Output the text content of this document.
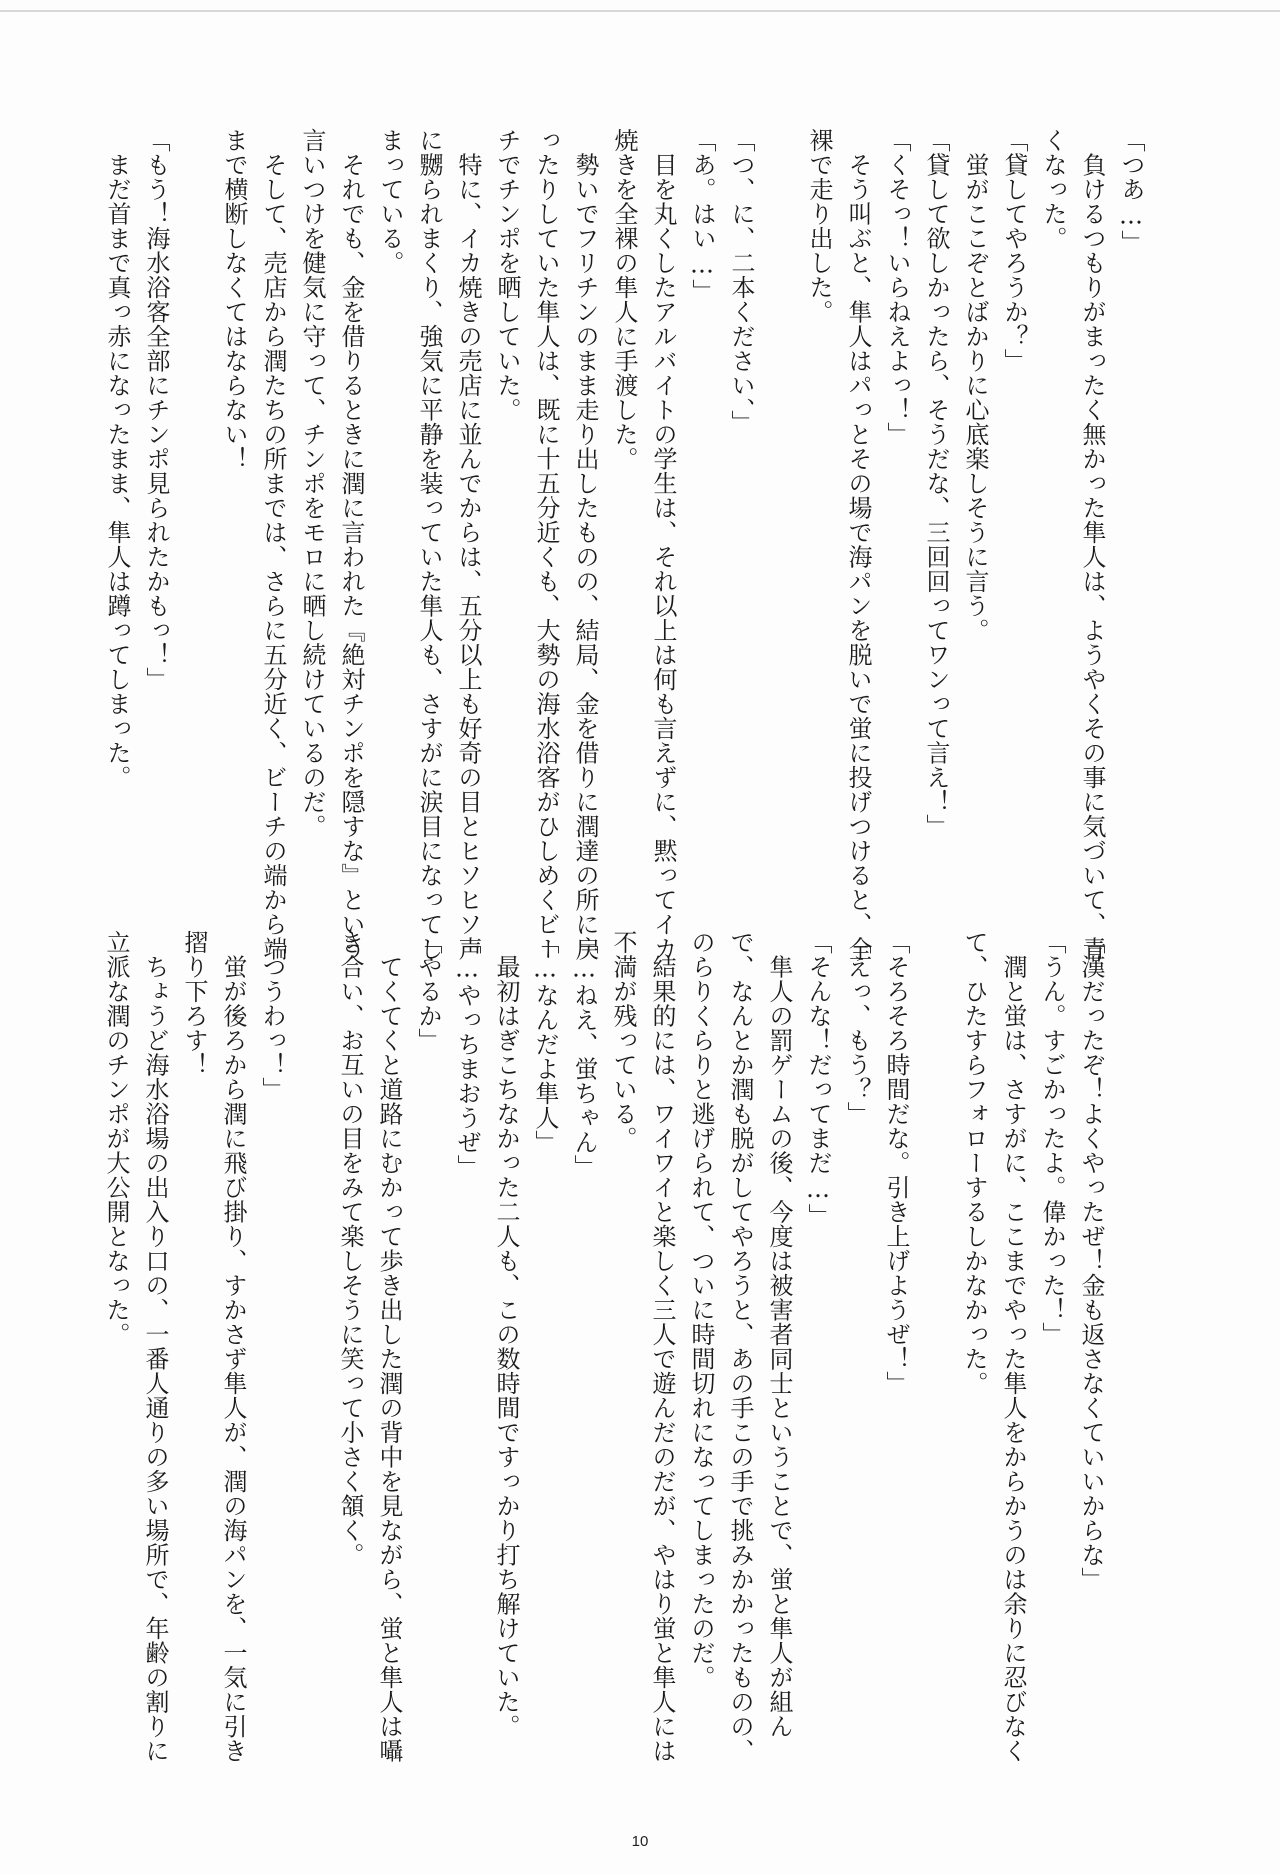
「つあ…」
　負けるつもりがまったく無かった隼人は、ようやくその事に気づいて、青
くなった。
「貸してやろうか？」
　蛍がここぞとばかりに心底楽しそうに言う。
「貸して欲しかったら、そうだな、三回回ってワンって言え！」
「くそっ！いらねえよっ！」
　そう叫ぶと、隼人はパっとその場で海パンを脱いで蛍に投げつけると、全
裸で走り出した。

「つ、に、二本ください、」
「あ。はい…」
　目を丸くしたアルバイトの学生は、それ以上は何も言えずに、黙ってイカ
焼きを全裸の隼人に手渡した。
　勢いでフリチンのまま走り出したものの、結局、金を借りに潤達の所に戻
ったりしていた隼人は、既に十五分近くも、大勢の海水浴客がひしめくビー
チでチンポを晒していた。
　特に、イカ焼きの売店に並んでからは、五分以上も好奇の目とヒソヒソ声
に嬲られまくり、強気に平静を装っていた隼人も、さすがに涙目になってし
まっている。
　それでも、金を借りるときに潤に言われた『絶対チンポを隠すな』という
言いつけを健気に守って、チンポをモロに晒し続けているのだ。
　そして、売店から潤たちの所までは、さらに五分近く、ビーチの端から端
まで横断しなくてはならない！

「もう！海水浴客全部にチンポ見られたかもっ！」
　まだ首まで真っ赤になったまま、隼人は蹲ってしまった。
「漢だったぞ！よくやったぜ！金も返さなくていいからな」
「うん。すごかったよ。偉かった！」
　潤と蛍は、さすがに、ここまでやった隼人をからかうのは余りに忍びなく
て、ひたすらフォローするしかなかった。

「そろそろ時間だな。引き上げようぜ！」
「えっ、もう？」
「そんな！だってまだ…」
　隼人の罰ゲームの後、今度は被害者同士ということで、蛍と隼人が組ん
で、なんとか潤も脱がしてやろうと、あの手この手で挑みかかったものの、
のらりくらりと逃げられて、ついに時間切れになってしまったのだ。
　結果的には、ワイワイと楽しく三人で遊んだのだが、やはり蛍と隼人には
不満が残っている。
「…ねえ、蛍ちゃん」
「…なんだよ隼人」
　最初はぎこちなかった二人も、この数時間ですっかり打ち解けていた。
「…やっちまおうぜ」
「やるか」
　てくてくと道路にむかって歩き出した潤の背中を見ながら、蛍と隼人は囁
き合い、お互いの目をみて楽しそうに笑って小さく頷く。

「つうわっ！」
　蛍が後ろから潤に飛び掛り、すかさず隼人が、潤の海パンを、一気に引き
摺り下ろす！
　ちょうど海水浴場の出入り口の、一番人通りの多い場所で、年齢の割りに
立派な潤のチンポが大公開となった。
10
